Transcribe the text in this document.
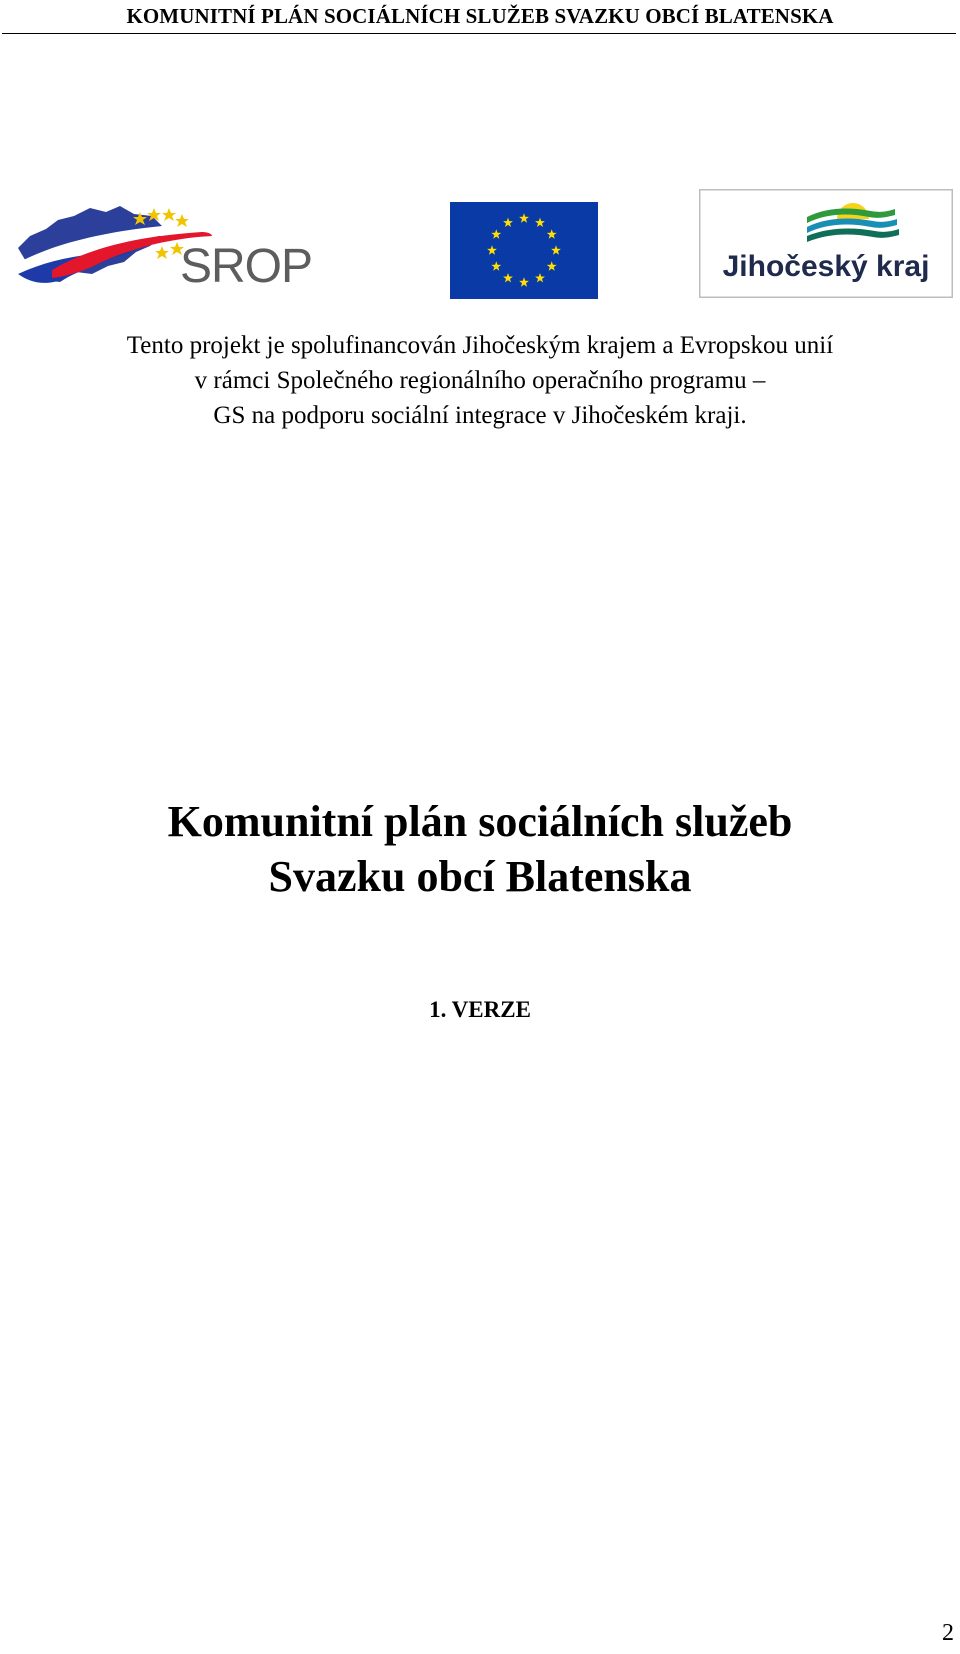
KOMUNITNÍ PLÁN SOCIÁLNÍCH SLUŽEB SVAZKU OBCÍ BLATENSKA
SROP	Jihočeský kraj

Tento projekt je spolufinancován Jihočeským krajem a Evropskou unií
v rámci Společného regionálního operačního programu –
GS na podporu sociální integrace v Jihočeském kraji.

Komunitní plán sociálních služeb
Svazku obcí Blatenska
1. VERZE
2
